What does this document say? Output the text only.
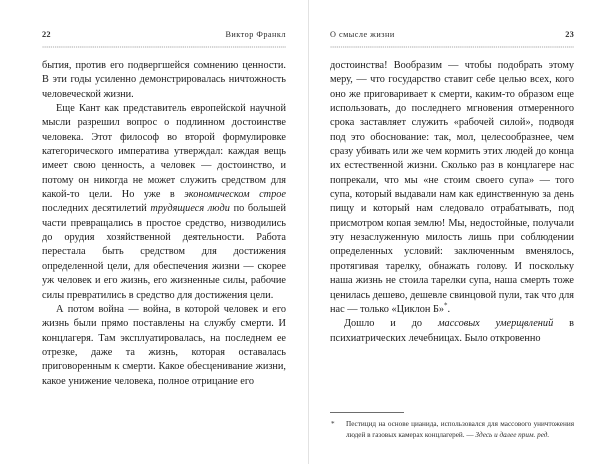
22	Виктор Франкл

бытия, против его подвергшейся сомнению ценности. В эти годы усиленно демонстрировалась ничтожность человеческой жизни.

Еще Кант как представитель европейской научной мысли разрешил вопрос о подлинном достоинстве человека. Этот философ во второй формулировке категорического императива утверждал: каждая вещь имеет свою ценность, а человек — достоинство, и потому он никогда не может служить средством для какой-то цели. Но уже в экономическом строе последних десятилетий трудящиеся люди по большей части превращались в простое средство, низводились до орудия хозяйственной деятельности. Работа перестала быть средством для достижения определенной цели, для обеспечения жизни — скорее уж человек и его жизнь, его жизненные силы, рабочие силы превратились в средство для достижения цели.

А потом война — война, в которой человек и его жизнь были прямо поставлены на службу смерти. И концлагеря. Там эксплуатировалась, на последнем ее отрезке, даже та жизнь, которая оставалась приговоренным к смерти. Какое обесценивание жизни, какое унижение человека, полное отрицание его

О смысле жизни	23

достоинства! Вообразим — чтобы подобрать этому меру, — что государство ставит себе целью всех, кого оно же приговаривает к смерти, каким-то образом еще использовать, до последнего мгновения отмеренного срока заставляет служить «рабочей силой», подводя под это обоснование: так, мол, целесообразнее, чем сразу убивать или же чем кормить этих людей до конца их естественной жизни. Сколько раз в концлагере нас попрекали, что мы «не стоим своего супа» — того супа, который выдавали нам как единственную за день пищу и который нам следовало отрабатывать, под присмотром копая землю! Мы, недостойные, получали эту незаслуженную милость лишь при соблюдении определенных условий: заключенным вменялось, протягивая тарелку, обнажать голову. И поскольку наша жизнь не стоила тарелки супа, наша смерть тоже ценилась дешево, дешевле свинцовой пули, так что для нас — только «Циклон Б»*.

Дошло и до массовых умерщвлений в психиатрических лечебницах. Было откровенно

* Пестицид на основе цианида, использовался для массового уничтожения людей в газовых камерах концлагерей. — Здесь и далее прим. ред.
